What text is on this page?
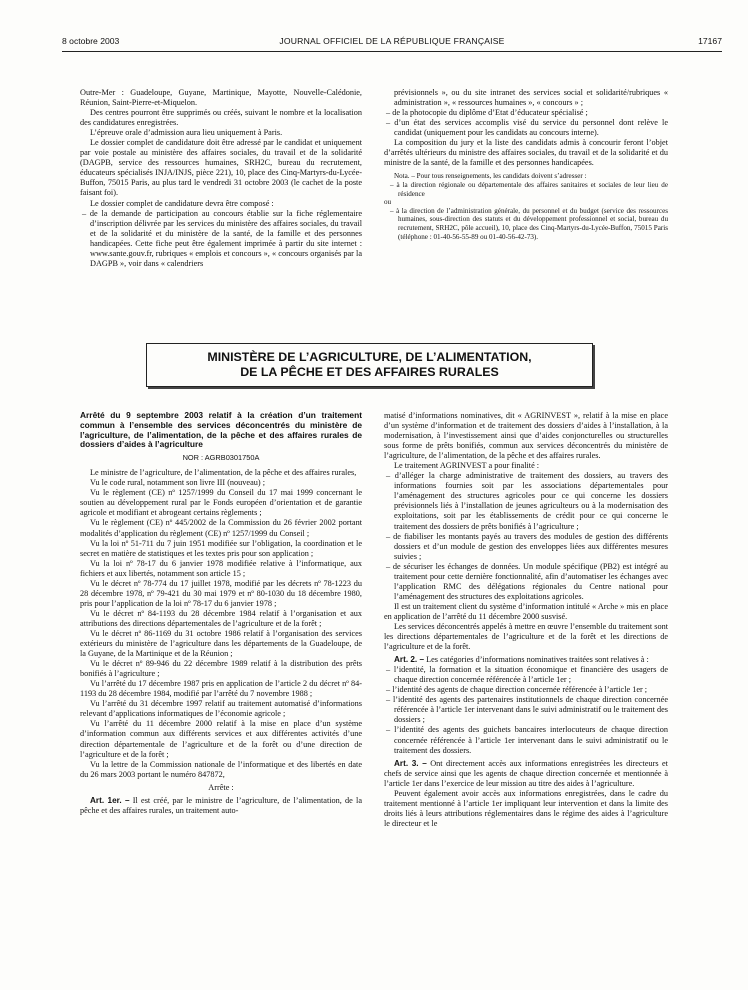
8 octobre 2003	JOURNAL OFFICIEL DE LA RÉPUBLIQUE FRANÇAISE	17167

Outre-Mer : Guadeloupe, Guyane, Martinique, Mayotte, Nouvelle-Calédonie, Réunion, Saint-Pierre-et-Miquelon.

Des centres pourront être supprimés ou créés, suivant le nombre et la localisation des candidatures enregistrées.

L’épreuve orale d’admission aura lieu uniquement à Paris.

Le dossier complet de candidature doit être adressé par le candidat et uniquement par voie postale au ministère des affaires sociales, du travail et de la solidarité (DAGPB, service des ressources humaines, SRH2C, bureau du recrutement, éducateurs spécialisés INJA/INJS, pièce 221), 10, place des Cinq-Martyrs-du-Lycée-Buffon, 75015 Paris, au plus tard le vendredi 31 octobre 2003 (le cachet de la poste faisant foi).

Le dossier complet de candidature devra être composé :

– de la demande de participation au concours établie sur la fiche réglementaire d’inscription délivrée par les services du ministère des affaires sociales, du travail et de la solidarité et du ministère de la santé, de la famille et des personnes handicapées. Cette fiche peut être également imprimée à partir du site internet : www.sante.gouv.fr, rubriques « emplois et concours », « concours organisés par la DAGPB », voir dans « calendriers

prévisionnels », ou du site intranet des services social et solidarité/rubriques « administration », « ressources humaines », « concours » ;

– de la photocopie du diplôme d’Etat d’éducateur spécialisé ;

– d’un état des services accomplis visé du service du personnel dont relève le candidat (uniquement pour les candidats au concours interne).

La composition du jury et la liste des candidats admis à concourir feront l’objet d’arrêtés ultérieurs du ministre des affaires sociales, du travail et de la solidarité et du ministre de la santé, de la famille et des personnes handicapées.

Nota. – Pour tous renseignements, les candidats doivent s’adresser :

– à la direction régionale ou départementale des affaires sanitaires et sociales de leur lieu de résidence

ou

– à la direction de l’administration générale, du personnel et du budget (service des ressources humaines, sous-direction des statuts et du développement professionnel et social, bureau du recrutement, SRH2C, pôle accueil), 10, place des Cinq-Martyrs-du-Lycée-Buffon, 75015 Paris (téléphone : 01-40-56-55-89 ou 01-40-56-42-73).

MINISTÈRE DE L’AGRICULTURE, DE L’ALIMENTATION,
DE LA PÊCHE ET DES AFFAIRES RURALES

Arrêté du 9 septembre 2003 relatif à la création d’un traitement commun à l’ensemble des services déconcentrés du ministère de l’agriculture, de l’alimentation, de la pêche et des affaires rurales de dossiers d’aides à l’agriculture

NOR : AGRB0301750A

Le ministre de l’agriculture, de l’alimentation, de la pêche et des affaires rurales,

Vu le code rural, notamment son livre III (nouveau) ;

Vu le règlement (CE) nº 1257/1999 du Conseil du 17 mai 1999 concernant le soutien au développement rural par le Fonds européen d’orientation et de garantie agricole et modifiant et abrogeant certains règlements ;

Vu le règlement (CE) nº 445/2002 de la Commission du 26 février 2002 portant modalités d’application du règlement (CE) nº 1257/1999 du Conseil ;

Vu la loi nº 51-711 du 7 juin 1951 modifiée sur l’obligation, la coordination et le secret en matière de statistiques et les textes pris pour son application ;

Vu la loi nº 78-17 du 6 janvier 1978 modifiée relative à l’informatique, aux fichiers et aux libertés, notamment son article 15 ;

Vu le décret nº 78-774 du 17 juillet 1978, modifié par les décrets nº 78-1223 du 28 décembre 1978, nº 79-421 du 30 mai 1979 et nº 80-1030 du 18 décembre 1980, pris pour l’application de la loi nº 78-17 du 6 janvier 1978 ;

Vu le décret nº 84-1193 du 28 décembre 1984 relatif à l’organisation et aux attributions des directions départementales de l’agriculture et de la forêt ;

Vu le décret nº 86-1169 du 31 octobre 1986 relatif à l’organisation des services extérieurs du ministère de l’agriculture dans les départements de la Guadeloupe, de la Guyane, de la Martinique et de la Réunion ;

Vu le décret nº 89-946 du 22 décembre 1989 relatif à la distribution des prêts bonifiés à l’agriculture ;

Vu l’arrêté du 17 décembre 1987 pris en application de l’article 2 du décret nº 84-1193 du 28 décembre 1984, modifié par l’arrêté du 7 novembre 1988 ;

Vu l’arrêté du 31 décembre 1997 relatif au traitement automatisé d’informations relevant d’applications informatiques de l’économie agricole ;

Vu l’arrêté du 11 décembre 2000 relatif à la mise en place d’un système d’information commun aux différents services et aux différentes activités d’une direction départementale de l’agriculture et de la forêt ou d’une direction de l’agriculture et de la forêt ;

Vu la lettre de la Commission nationale de l’informatique et des libertés en date du 26 mars 2003 portant le numéro 847872,

Arrête :

Art. 1er. – Il est créé, par le ministre de l’agriculture, de l’alimentation, de la pêche et des affaires rurales, un traitement auto-

matisé d’informations nominatives, dit « AGRINVEST », relatif à la mise en place d’un système d’information et de traitement des dossiers d’aides à l’installation, à la modernisation, à l’investissement ainsi que d’aides conjoncturelles ou structurelles sous forme de prêts bonifiés, commun aux services déconcentrés du ministère de l’agriculture, de l’alimentation, de la pêche et des affaires rurales.

Le traitement AGRINVEST a pour finalité :

– d’alléger la charge administrative de traitement des dossiers, au travers des informations fournies soit par les associations départementales pour l’aménagement des structures agricoles pour ce qui concerne les dossiers prévisionnels liés à l’installation de jeunes agriculteurs ou à la modernisation des exploitations, soit par les établissements de crédit pour ce qui concerne le traitement des dossiers de prêts bonifiés à l’agriculture ;

– de fiabiliser les montants payés au travers des modules de gestion des différents dossiers et d’un module de gestion des enveloppes liées aux différentes mesures suivies ;

– de sécuriser les échanges de données. Un module spécifique (PB2) est intégré au traitement pour cette dernière fonctionnalité, afin d’automatiser les échanges avec l’application RMC des délégations régionales du Centre national pour l’aménagement des structures des exploitations agricoles.

Il est un traitement client du système d’information intitulé « Arche » mis en place en application de l’arrêté du 11 décembre 2000 susvisé.

Les services déconcentrés appelés à mettre en œuvre l’ensemble du traitement sont les directions départementales de l’agriculture et de la forêt et les directions de l’agriculture et de la forêt.

Art. 2. – Les catégories d’informations nominatives traitées sont relatives à :

– l’identité, la formation et la situation économique et financière des usagers de chaque direction concernée référencée à l’article 1er ;

– l’identité des agents de chaque direction concernée référencée à l’article 1er ;

– l’identité des agents des partenaires institutionnels de chaque direction concernée référencée à l’article 1er intervenant dans le suivi administratif ou le traitement des dossiers ;

– l’identité des agents des guichets bancaires interlocuteurs de chaque direction concernée référencée à l’article 1er intervenant dans le suivi administratif ou le traitement des dossiers.

Art. 3. – Ont directement accès aux informations enregistrées les directeurs et chefs de service ainsi que les agents de chaque direction concernée et mentionnée à l’article 1er dans l’exercice de leur mission au titre des aides à l’agriculture.

Peuvent également avoir accès aux informations enregistrées, dans le cadre du traitement mentionné à l’article 1er impliquant leur intervention et dans la limite des droits liés à leurs attributions réglementaires dans le régime des aides à l’agriculture le directeur et le
